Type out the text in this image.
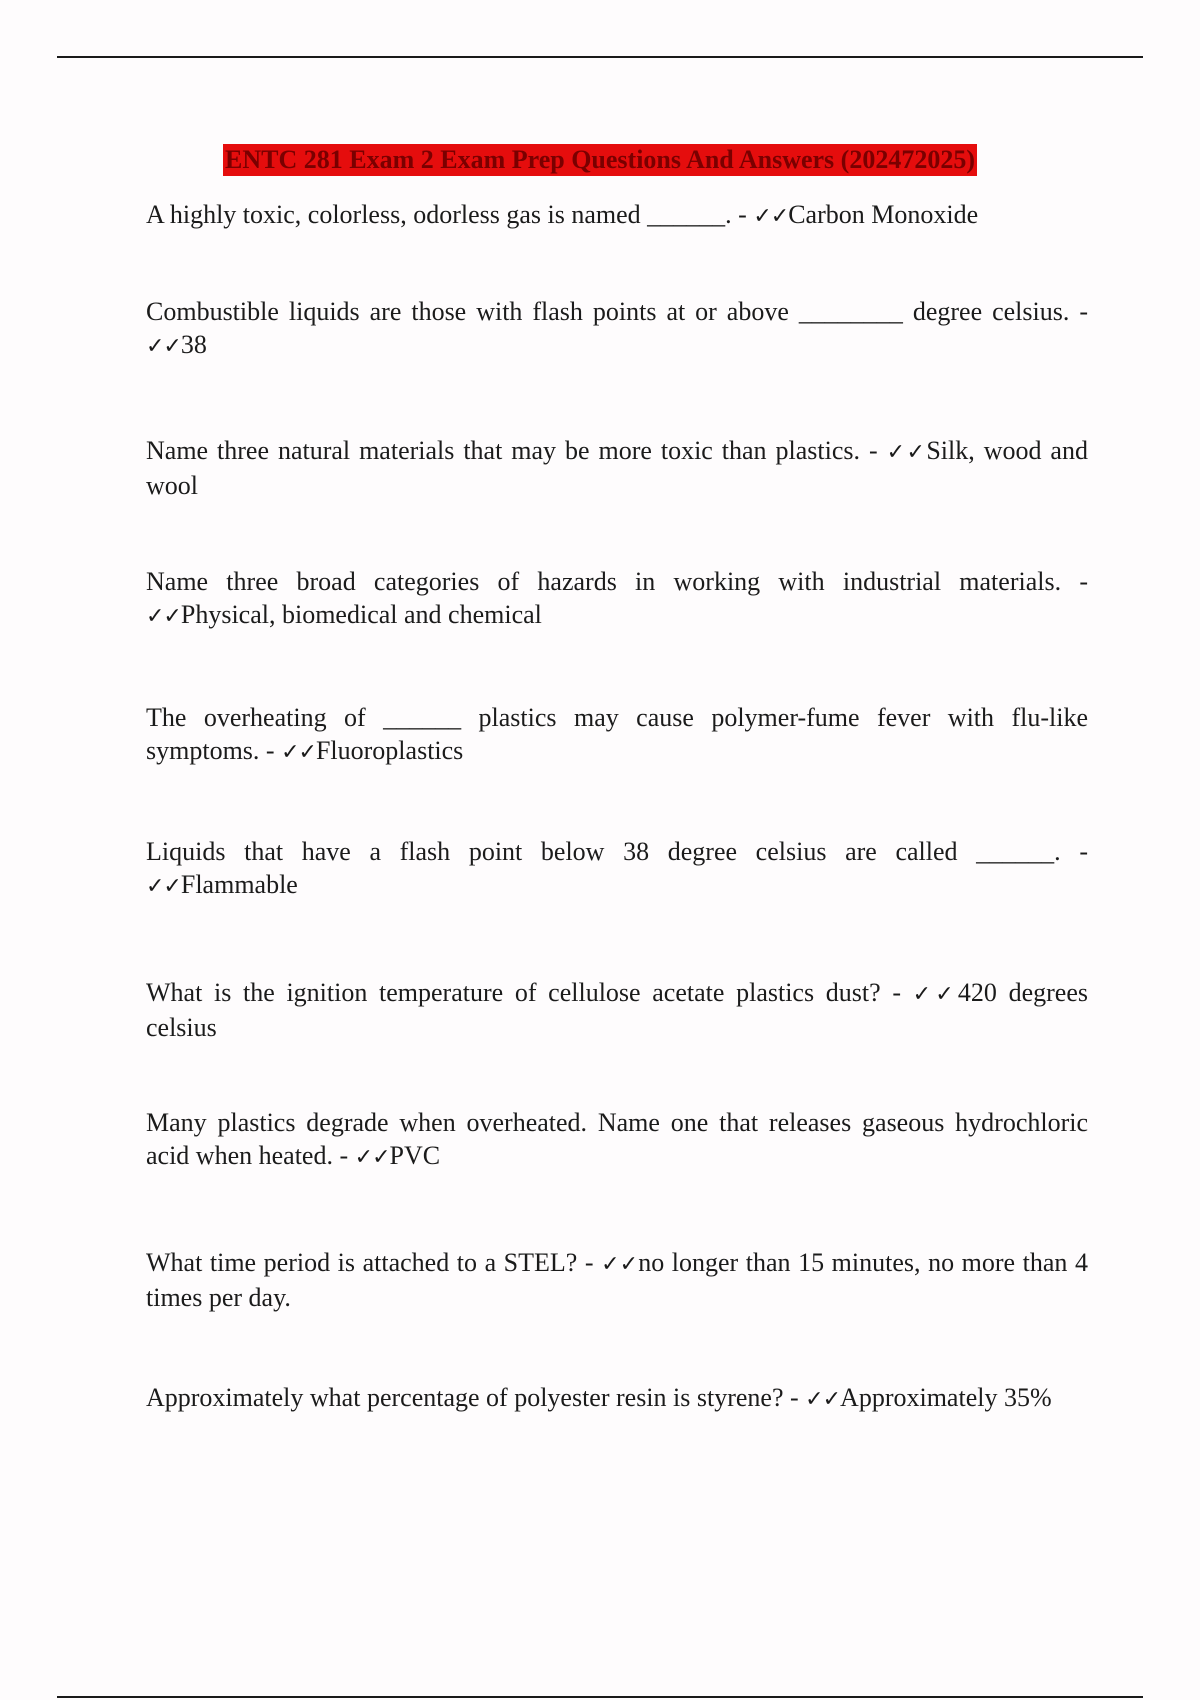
ENTC 281 Exam 2 Exam Prep Questions And Answers (202472025)

A highly toxic, colorless, odorless gas is named ______. - ✓✓Carbon Monoxide

Combustible liquids are those with flash points at or above ________ degree celsius. - ✓✓38

Name three natural materials that may be more toxic than plastics. - ✓✓Silk, wood and wool

Name three broad categories of hazards in working with industrial materials. - ✓✓Physical, biomedical and chemical

The overheating of ______ plastics may cause polymer-fume fever with flu-like symptoms. - ✓✓Fluoroplastics

Liquids that have a flash point below 38 degree celsius are called ______. - ✓✓Flammable

What is the ignition temperature of cellulose acetate plastics dust? - ✓✓420 degrees celsius

Many plastics degrade when overheated. Name one that releases gaseous hydrochloric acid when heated. - ✓✓PVC

What time period is attached to a STEL? - ✓✓no longer than 15 minutes, no more than 4 times per day.

Approximately what percentage of polyester resin is styrene? - ✓✓Approximately 35%
